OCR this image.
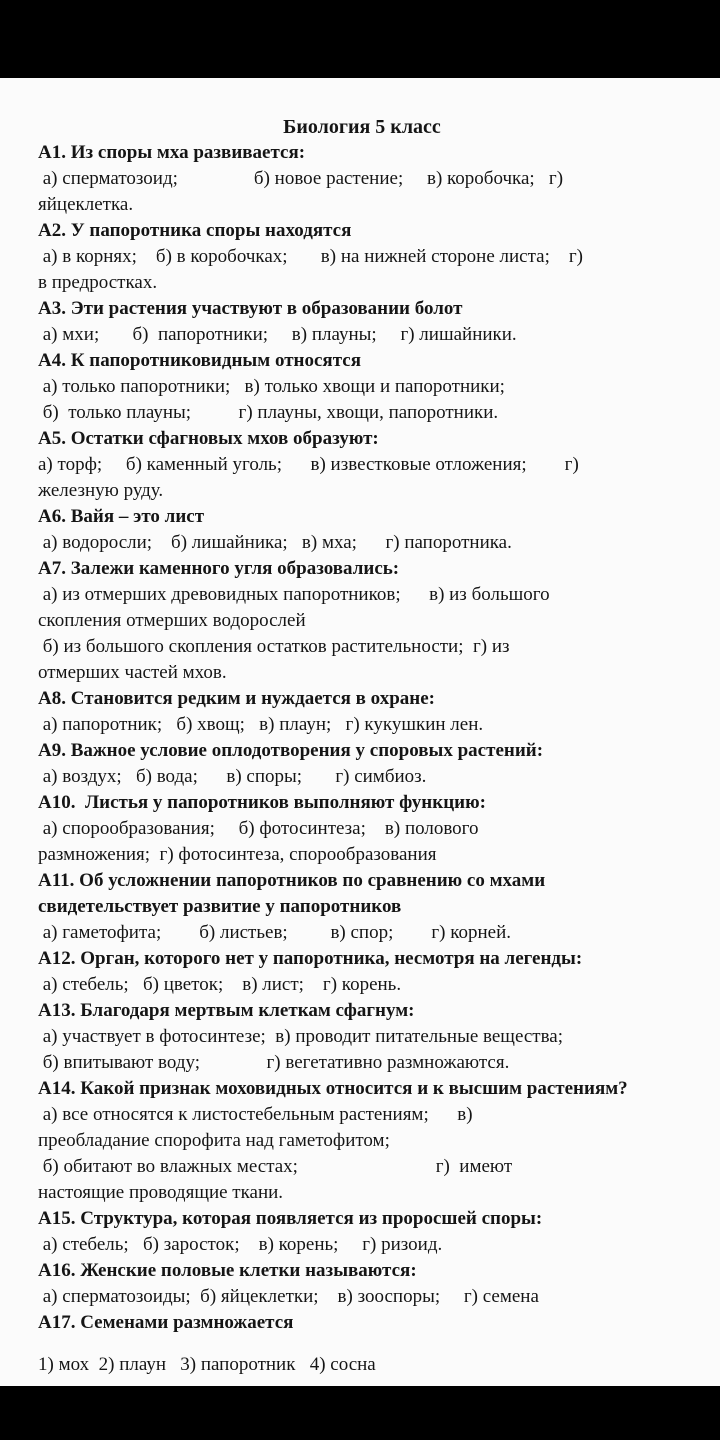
Биология 5 класс
А1. Из споры мха развивается:
а) сперматозоид;                б) новое растение;     в) коробочка;   г)
яйцеклетка.
А2. У папоротника споры находятся
а) в корнях;    б) в коробочках;       в) на нижней стороне листа;    г)
в предростках.
А3. Эти растения участвуют в образовании болот
а) мхи;       б)  папоротники;     в) плауны;     г) лишайники.
А4. К папоротниковидным относятся
а) только папоротники;   в) только хвощи и папоротники;
б)  только плауны;          г) плауны, хвощи, папоротники.
А5. Остатки сфагновых мхов образуют:
а) торф;     б) каменный уголь;      в) известковые отложения;        г)
железную руду.
А6. Вайя – это лист
а) водоросли;    б) лишайника;   в) мха;      г) папоротника.
А7. Залежи каменного угля образовались:
а) из отмерших древовидных папоротников;      в) из большого
скопления отмерших водорослей
б) из большого скопления остатков растительности;  г) из
отмерших частей мхов.
А8. Становится редким и нуждается в охране:
а) папоротник;   б) хвощ;   в) плаун;   г) кукушкин лен.
А9. Важное условие оплодотворения у споровых растений:
а) воздух;   б) вода;      в) споры;       г) симбиоз.
А10.  Листья у папоротников выполняют функцию:
а) спорообразования;     б) фотосинтеза;    в) полового
размножения;  г) фотосинтеза, спорообразования
А11. Об усложнении папоротников по сравнению со мхами
свидетельствует развитие у папоротников
а) гаметофита;        б) листьев;         в) спор;        г) корней.
А12. Орган, которого нет у папоротника, несмотря на легенды:
а) стебель;   б) цветок;    в) лист;    г) корень.
А13. Благодаря мертвым клеткам сфагнум:
а) участвует в фотосинтезе;  в) проводит питательные вещества;
б) впитывают воду;              г) вегетативно размножаются.
А14. Какой признак моховидных относится и к высшим растениям?
а) все относятся к листостебельным растениям;      в)
преобладание спорофита над гаметофитом;
б) обитают во влажных местах;                             г)  имеют
настоящие проводящие ткани.
А15. Структура, которая появляется из проросшей споры:
а) стебель;   б) заросток;    в) корень;     г) ризоид.
А16. Женские половые клетки называются:
а) сперматозоиды;  б) яйцеклетки;    в) зооспоры;     г) семена
А17. Семенами размножается
1) мох  2) плаун   3) папоротник   4) сосна
